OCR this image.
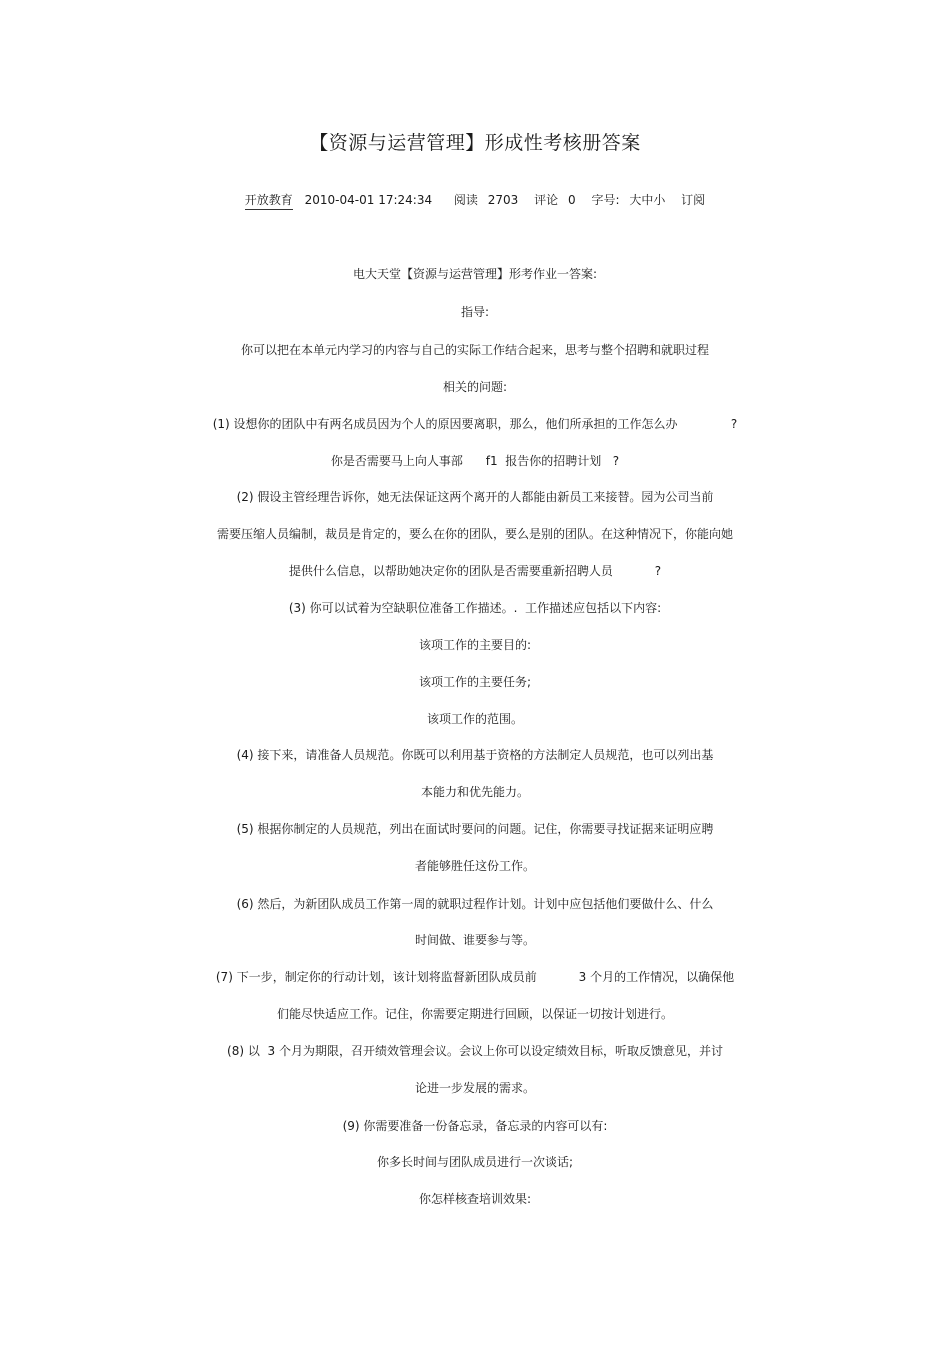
【资源与运营管理】形成性考核册答案
开放教育 2010-04-01 17:24:34 阅读 2703 评论 0 字号: 大中小 订阅
电大天堂【资源与运营管理】形考作业一答案:
指导:
你可以把在本单元内学习的内容与自己的实际工作结合起来，思考与整个招聘和就职过程
相关的问题:
(1) 设想你的团队中有两名成员因为个人的原因要离职，那么，他们所承担的工作怎么办              ?
你是否需要马上向人事部      f1  报告你的招聘计划   ?
(2) 假设主管经理告诉你，她无法保证这两个离开的人都能由新员工来接替。园为公司当前
需要压缩人员编制，裁员是肯定的，要么在你的团队，要么是别的团队。在这种情况下，你能向她
提供什么信息，以帮助她决定你的团队是否需要重新招聘人员           ?
(3) 你可以试着为空缺职位准备工作描述。.  工作描述应包括以下内容:
该项工作的主要目的:
该项工作的主要任务;
该项工作的范围。
(4) 接下来，请准备人员规范。你既可以利用基于资格的方法制定人员规范，也可以列出基
本能力和优先能力。
(5) 根据你制定的人员规范，列出在面试时要问的问题。记住，你需要寻找证据来证明应聘
者能够胜任这份工作。
(6) 然后，为新团队成员工作第一周的就职过程作计划。计划中应包括他们要做什么、什么
时间做、谁要参与等。
(7) 下一步，制定你的行动计划，该计划将监督新团队成员前           3 个月的工作情况，以确保他
们能尽快适应工作。记住，你需要定期进行回顾，以保证一切按计划进行。
(8) 以  3 个月为期限，召开绩效管理会议。会议上你可以设定绩效目标，听取反馈意见，并讨
论进一步发展的需求。
(9) 你需要准备一份备忘录，备忘录的内容可以有:
你多长时间与团队成员进行一次谈话;
你怎样核查培训效果:
